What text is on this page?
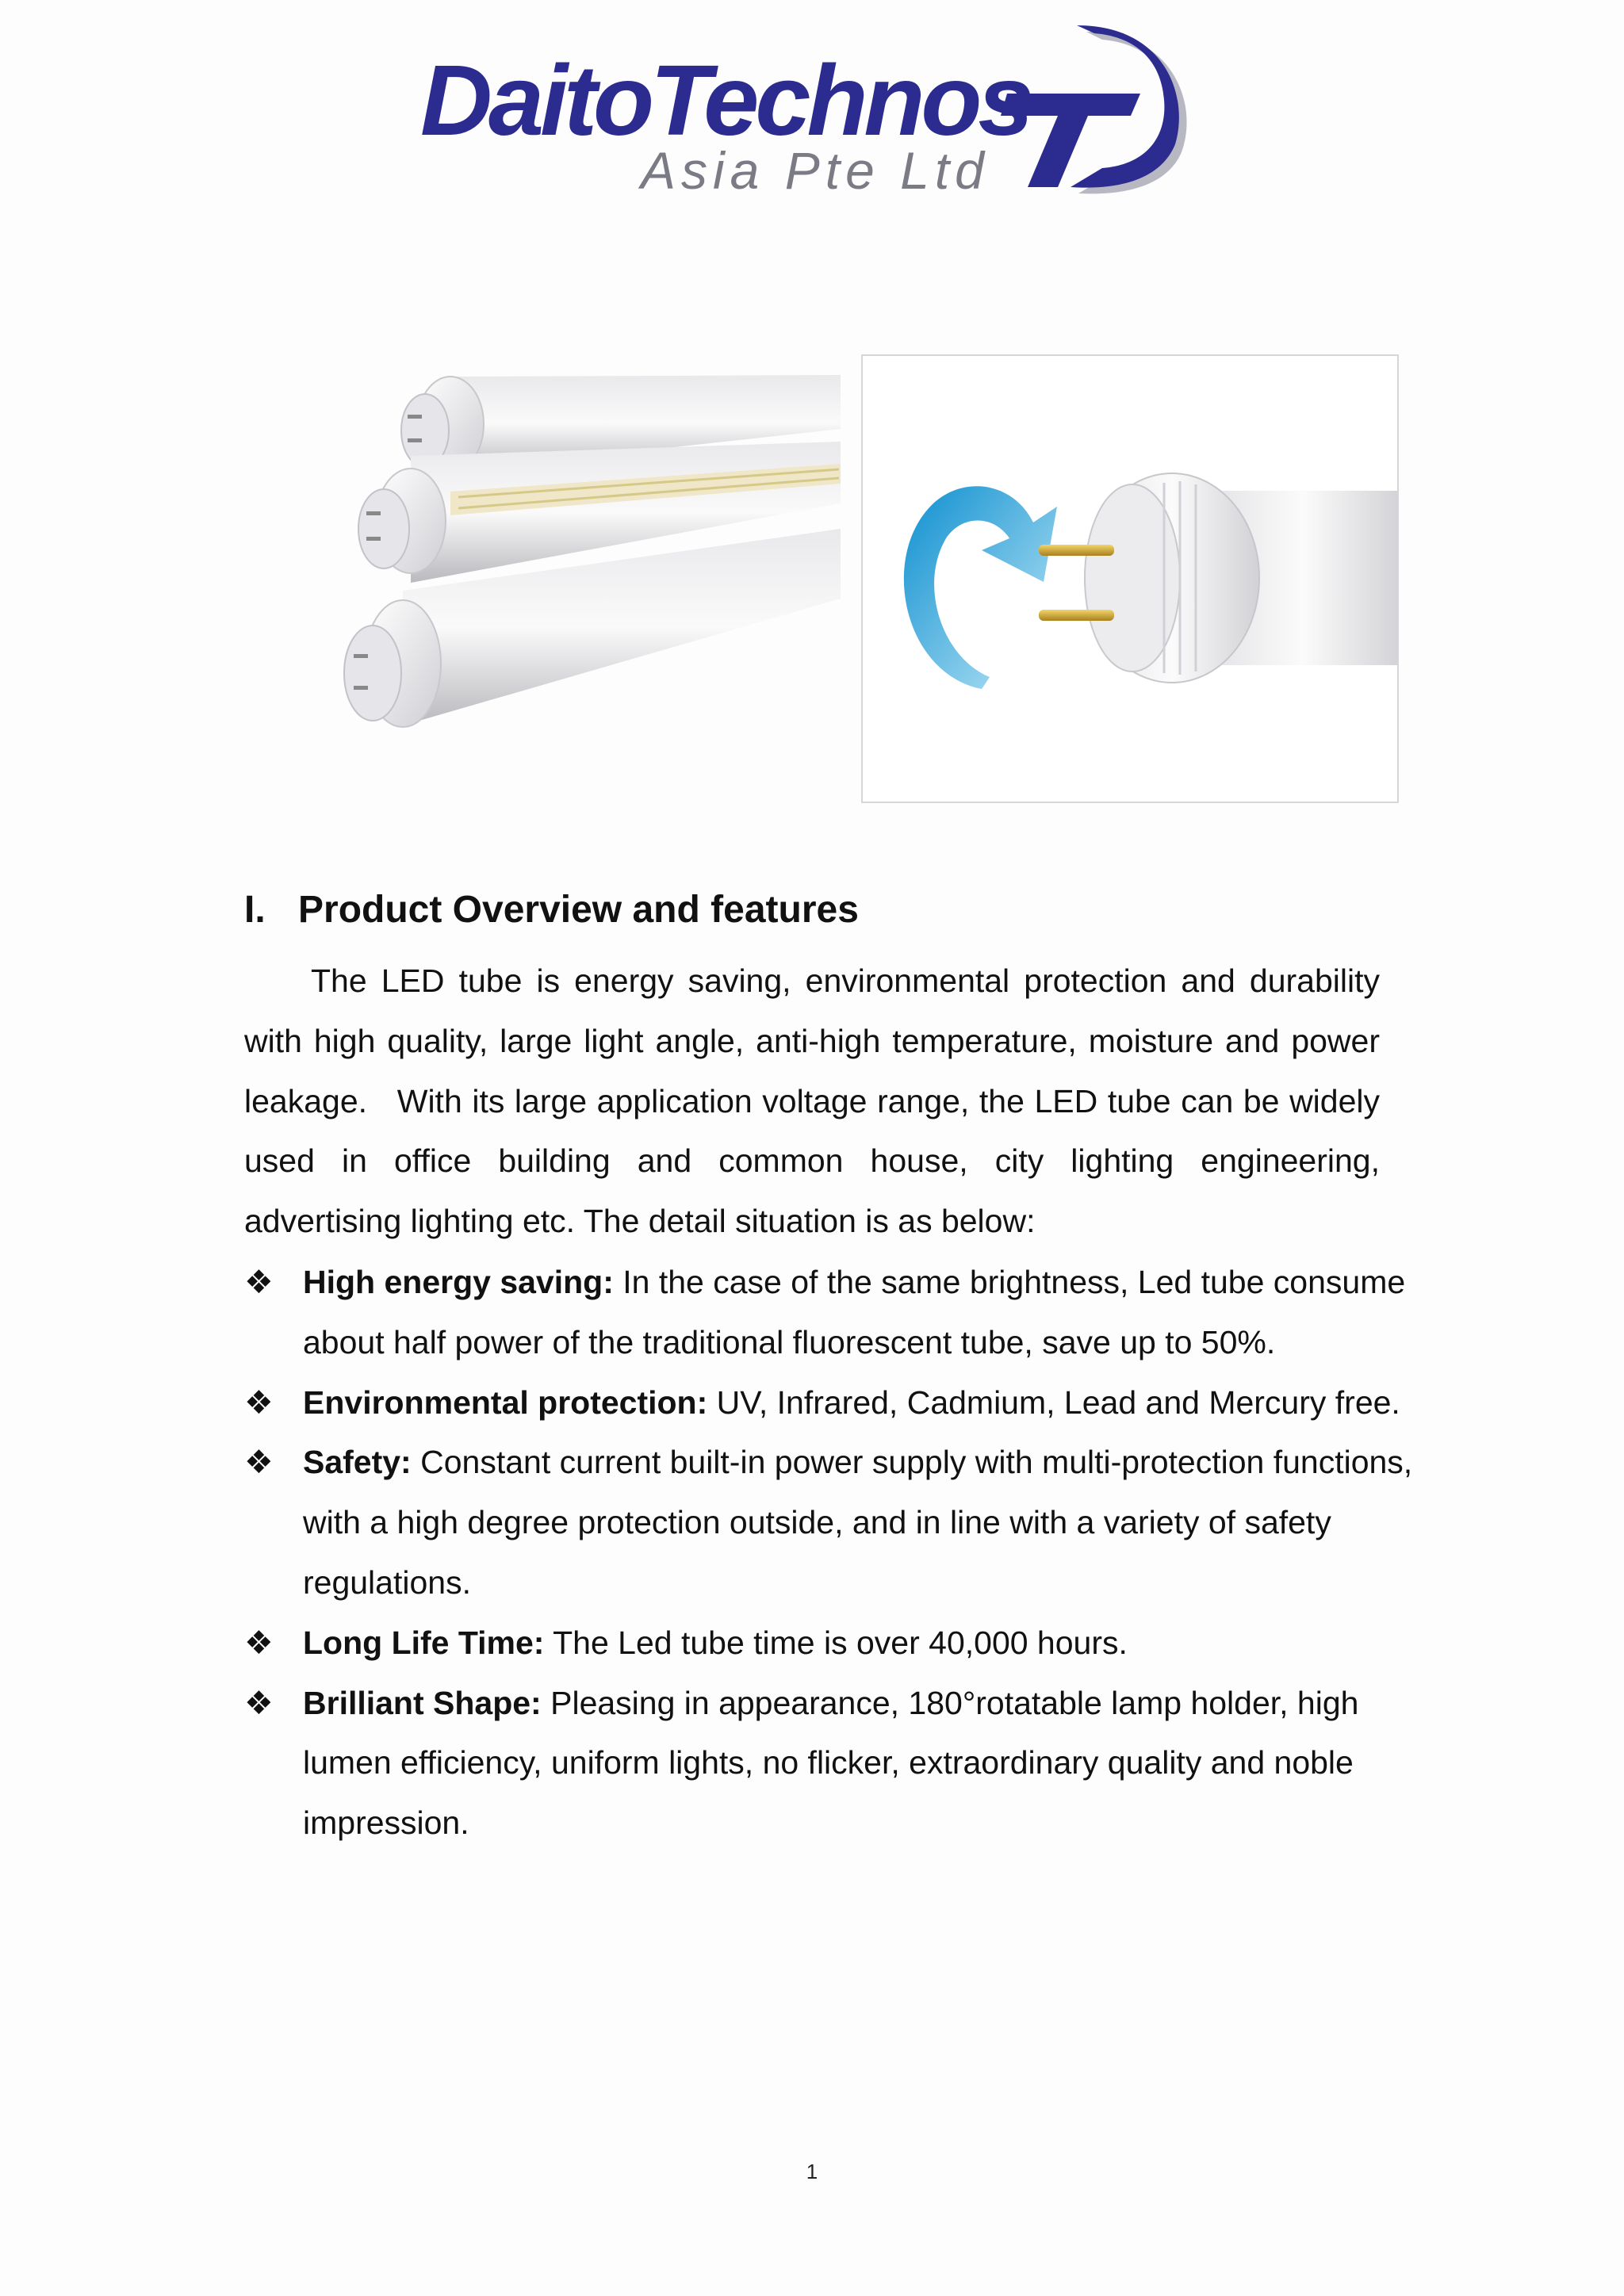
DaitoTechnos
Asia Pte Ltd
I. Product Overview and features

The LED tube is energy saving, environmental protection and durability with high quality, large light angle, anti-high temperature, moisture and power leakage.   With its large application voltage range, the LED tube can be widely used in office building and common house, city lighting engineering, advertising lighting etc. The detail situation is as below:

❖ High energy saving: In the case of the same brightness, Led tube consume about half power of the traditional fluorescent tube, save up to 50%.
❖ Environmental protection: UV, Infrared, Cadmium, Lead and Mercury free.
❖ Safety: Constant current built-in power supply with multi-protection functions, with a high degree protection outside, and in line with a variety of safety regulations.
❖ Long Life Time: The Led tube time is over 40,000 hours.
❖ Brilliant Shape: Pleasing in appearance, 180°rotatable lamp holder, high lumen efficiency, uniform lights, no flicker, extraordinary quality and noble impression.
1
